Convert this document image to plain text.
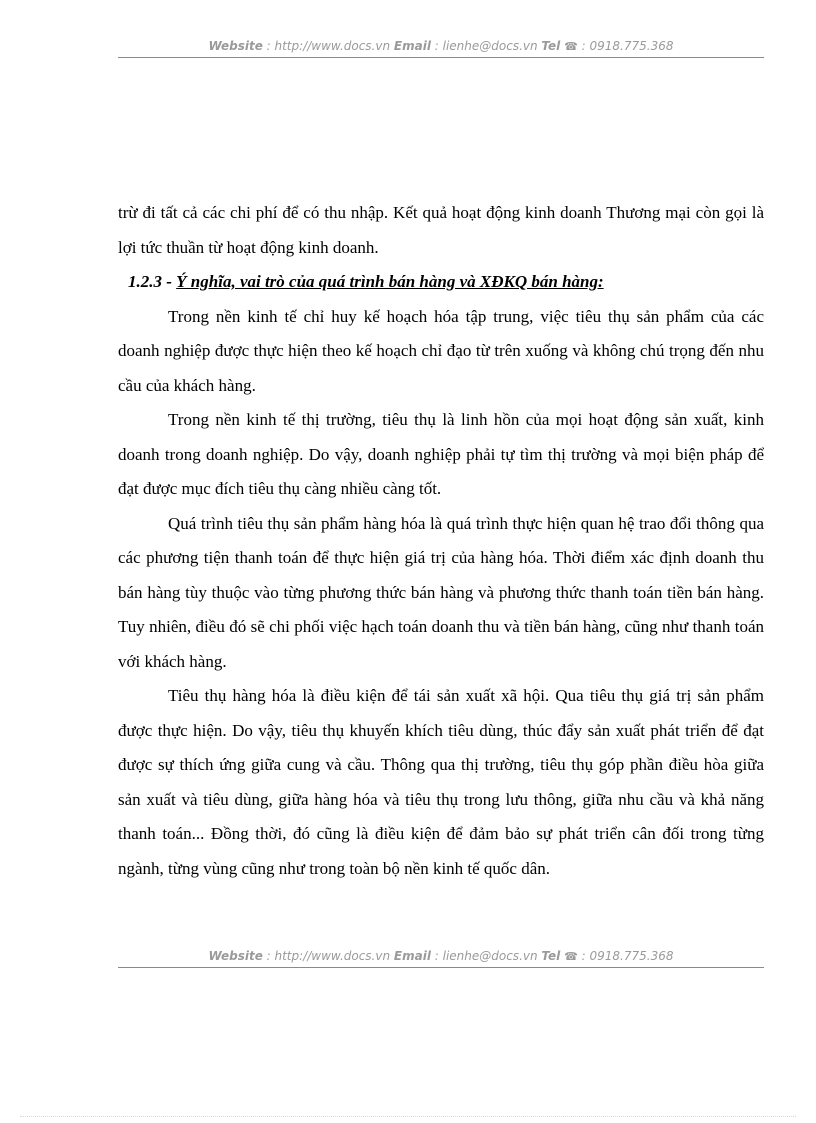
Website : http://www.docs.vn Email : lienhe@docs.vn Tel ☎ : 0918.775.368

trừ đi tất cả các chi phí để có thu nhập. Kết quả hoạt động kinh doanh Thương mại còn gọi là lợi tức thuần từ hoạt động kinh doanh.

1.2.3 - Ý nghĩa, vai trò của quá trình bán hàng và XĐKQ bán hàng:

Trong nền kinh tế chỉ huy kế hoạch hóa tập trung, việc tiêu thụ sản phẩm của các doanh nghiệp được thực hiện theo kế hoạch chỉ đạo từ trên xuống và không chú trọng đến nhu cầu của khách hàng.

Trong nền kinh tế thị trường, tiêu thụ là linh hồn của mọi hoạt động sản xuất, kinh doanh trong doanh nghiệp. Do vậy, doanh nghiệp phải tự tìm thị trường và mọi biện pháp để đạt được mục đích tiêu thụ càng nhiều càng tốt.

Quá trình tiêu thụ sản phẩm hàng hóa là quá trình thực hiện quan hệ trao đổi thông qua các phương tiện thanh toán để thực hiện giá trị của hàng hóa. Thời điểm xác định doanh thu bán hàng tùy thuộc vào từng phương thức bán hàng và phương thức thanh toán tiền bán hàng. Tuy nhiên, điều đó sẽ chi phối việc hạch toán doanh thu và tiền bán hàng, cũng như thanh toán với khách hàng.

Tiêu thụ hàng hóa là điều kiện để tái sản xuất xã hội. Qua tiêu thụ giá trị sản phẩm được thực hiện. Do vậy, tiêu thụ khuyến khích tiêu dùng, thúc đẩy sản xuất phát triển để đạt được sự thích ứng giữa cung và cầu. Thông qua thị trường, tiêu thụ góp phần điều hòa giữa sản xuất và tiêu dùng, giữa hàng hóa và tiêu thụ trong lưu thông, giữa nhu cầu và khả năng thanh toán... Đồng thời, đó cũng là điều kiện để đảm bảo sự phát triển cân đối trong từng ngành, từng vùng cũng như trong toàn bộ nền kinh tế quốc dân.

Website : http://www.docs.vn Email : lienhe@docs.vn Tel ☎ : 0918.775.368
